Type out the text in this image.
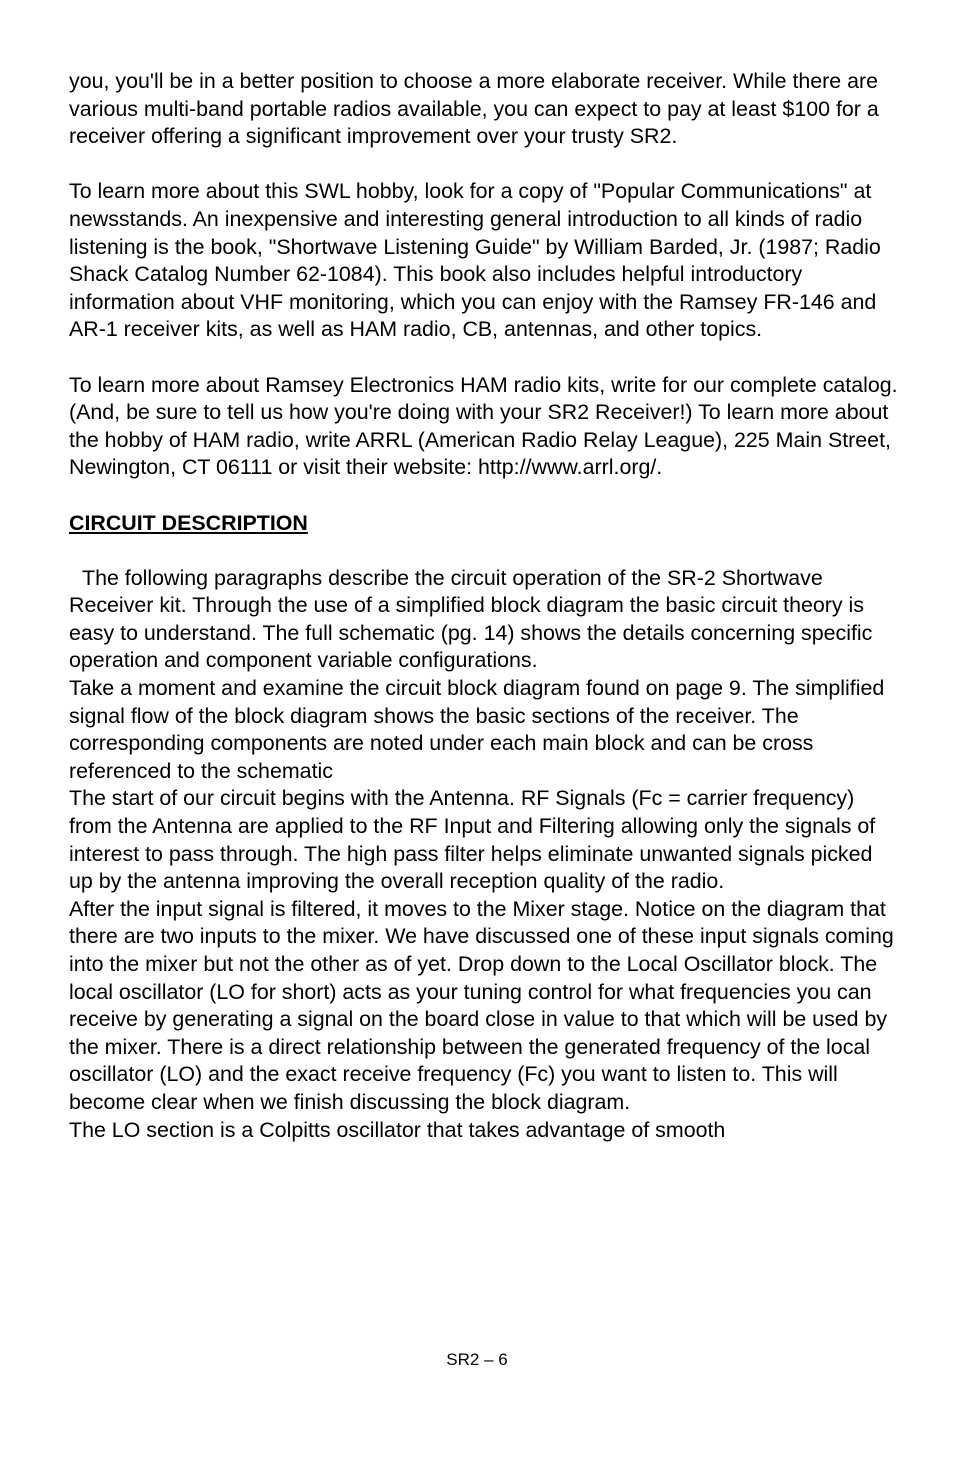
you, you'll be in a better position to choose a more elaborate receiver. While there are various multi-band portable radios available, you can expect to pay at least $100 for a receiver offering a significant improvement over your trusty SR2.

To learn more about this SWL hobby, look for a copy of "Popular Communications" at newsstands. An inexpensive and interesting general introduction to all kinds of radio listening is the book, "Shortwave Listening Guide" by William Barded, Jr. (1987; Radio Shack Catalog Number 62-1084). This book also includes helpful introductory information about VHF monitoring, which you can enjoy with the Ramsey FR-146 and AR-1 receiver kits, as well as HAM radio, CB, antennas, and other topics.

To learn more about Ramsey Electronics HAM radio kits, write for our complete catalog. (And, be sure to tell us how you're doing with your SR2 Receiver!) To learn more about the hobby of HAM radio, write ARRL (American Radio Relay League), 225 Main Street, Newington, CT 06111 or visit their website: http://www.arrl.org/.

CIRCUIT DESCRIPTION

The following paragraphs describe the circuit operation of the SR-2 Shortwave Receiver kit. Through the use of a simplified block diagram the basic circuit theory is easy to understand. The full schematic (pg. 14) shows the details concerning specific operation and component variable configurations.

Take a moment and examine the circuit block diagram found on page 9. The simplified signal flow of the block diagram shows the basic sections of the receiver. The corresponding components are noted under each main block and can be cross referenced to the schematic

The start of our circuit begins with the Antenna. RF Signals (Fc = carrier frequency) from the Antenna are applied to the RF Input and Filtering allowing only the signals of interest to pass through. The high pass filter helps eliminate unwanted signals picked up by the antenna improving the overall reception quality of the radio.

After the input signal is filtered, it moves to the Mixer stage. Notice on the diagram that there are two inputs to the mixer. We have discussed one of these input signals coming into the mixer but not the other as of yet. Drop down to the Local Oscillator block. The local oscillator (LO for short) acts as your tuning control for what frequencies you can receive by generating a signal on the board close in value to that which will be used by the mixer. There is a direct relationship between the generated frequency of the local oscillator (LO) and the exact receive frequency (Fc) you want to listen to. This will become clear when we finish discussing the block diagram.

The LO section is a Colpitts oscillator that takes advantage of smooth

SR2 – 6
